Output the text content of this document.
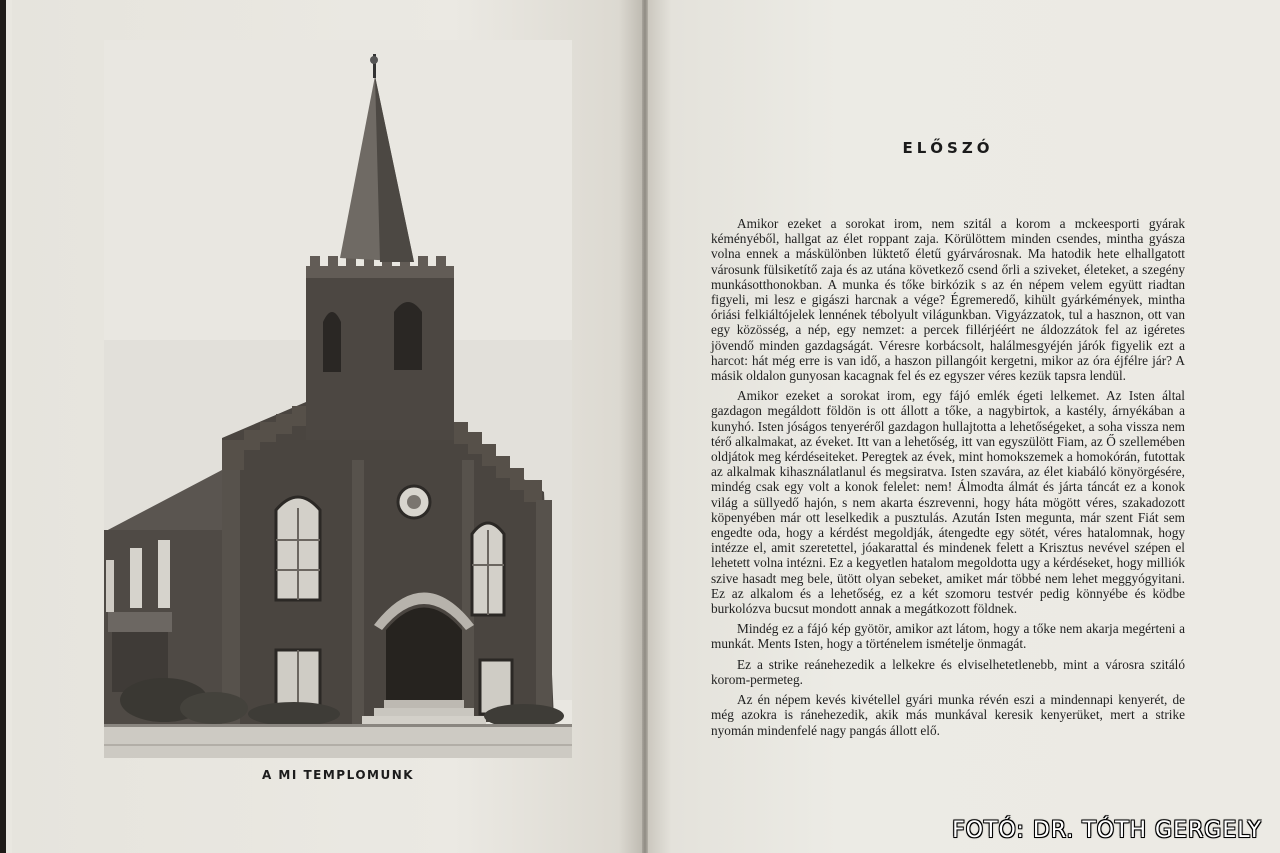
A MI TEMPLOMUNK

ELŐSZÓ

Amikor ezeket a sorokat irom, nem szitál a korom a mckeesporti gyárak kéményéből, hallgat az élet roppant zaja. Körülöttem minden csendes, mintha gyásza volna ennek a máskülönben lüktető életű gyárvárosnak. Ma hatodik hete elhallgatott városunk fülsiketítő zaja és az utána következő csend őrli a sziveket, életeket, a szegény munkásotthonokban. A munka és tőke birkózik s az én népem velem együtt riadtan figyeli, mi lesz e gigászi harcnak a vége? Égremeredő, kihült gyárkémények, mintha óriási felkiáltójelek lennének tébolyult világunkban. Vigyázzatok, tul a hasznon, ott van egy közösség, a nép, egy nemzet: a percek fillérjéért ne áldozzátok fel az igéretes jövendő minden gazdagságát. Véresre korbácsolt, halálmesgyéjén járók figyelik ezt a harcot: hát még erre is van idő, a haszon pillangóit kergetni, mikor az óra éjfélre jár? A másik oldalon gunyosan kacagnak fel és ez egyszer véres kezük tapsra lendül.

Amikor ezeket a sorokat irom, egy fájó emlék égeti lelkemet. Az Isten által gazdagon megáldott földön is ott állott a tőke, a nagybirtok, a kastély, árnyékában a kunyhó. Isten jóságos tenyeréről gazdagon hullajtotta a lehetőségeket, a soha vissza nem térő alkalmakat, az éveket. Itt van a lehetőség, itt van egyszülött Fiam, az Ő szellemében oldjátok meg kérdéseiteket. Peregtek az évek, mint homokszemek a homokórán, futottak az alkalmak kihasználatlanul és megsiratva. Isten szavára, az élet kiabáló könyörgésére, mindég csak egy volt a konok felelet: nem! Álmodta álmát és járta táncát ez a konok világ a süllyedő hajón, s nem akarta észrevenni, hogy háta mögött véres, szakadozott köpenyében már ott leselkedik a pusztulás. Azután Isten megunta, már szent Fiát sem engedte oda, hogy a kérdést megoldják, átengedte egy sötét, véres hatalomnak, hogy intézze el, amit szeretettel, jóakarattal és mindenek felett a Krisztus nevével szépen el lehetett volna intézni. Ez a kegyetlen hatalom megoldotta ugy a kérdéseket, hogy milliók szive hasadt meg bele, ütött olyan sebeket, amiket már többé nem lehet meggyógyitani. Ez az alkalom és a lehetőség, ez a két szomoru testvér pedig könnyébe és ködbe burkolózva bucsut mondott annak a megátkozott földnek.

Mindég ez a fájó kép gyötör, amikor azt látom, hogy a tőke nem akarja megérteni a munkát. Ments Isten, hogy a történelem ismételje önmagát.

Ez a strike reánehezedik a lelkekre és elviselhetetlenebb, mint a városra szitáló korom-permeteg.

Az én népem kevés kivétellel gyári munka révén eszi a mindennapi kenyerét, de még azokra is ránehezedik, akik más munkával keresik kenyerüket, mert a strike nyomán mindenfelé nagy pangás állott elő.

FOTÓ: DR. TÓTH GERGELY
